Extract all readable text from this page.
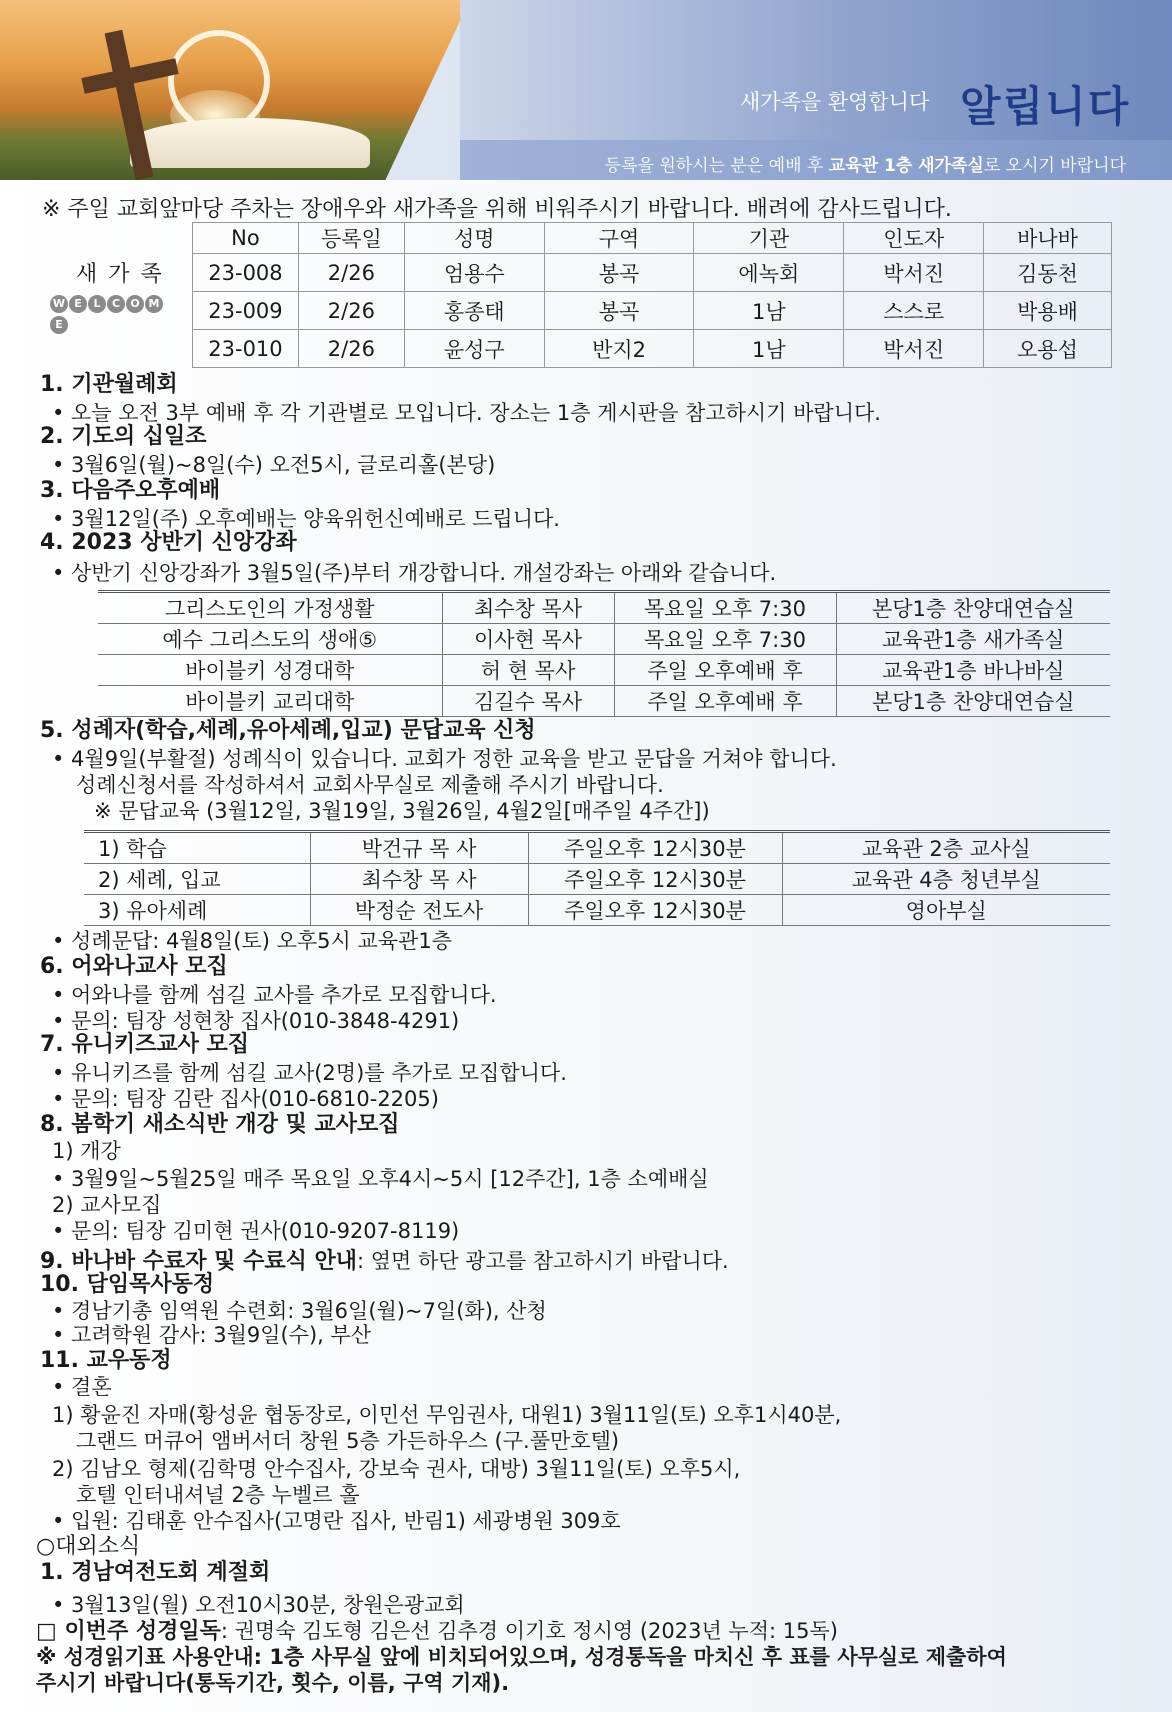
새가족을 환영합니다 알립니다
등록을 원하시는 분은 예배 후 교육관 1층 새가족실로 오시기 바랍니다
※ 주일 교회앞마당 주차는 장애우와 새가족을 위해 비워주시기 바랍니다. 배려에 감사드립니다.
새 가 족
W E L C O ME
No	등록일	성명	구역	기관	인도자	바나바
23-008	2/26	엄용수	봉곡	에녹회	박서진	김동천
23-009	2/26	홍종태	봉곡	1남	스스로	박용배
23-010	2/26	윤성구	반지2	1남	박서진	오용섭
1. 기관월례회
• 오늘 오전 3부 예배 후 각 기관별로 모입니다. 장소는 1층 게시판을 참고하시기 바랍니다.
2. 기도의 십일조
• 3월6일(월)~8일(수) 오전5시, 글로리홀(본당)
3. 다음주오후예배
• 3월12일(주) 오후예배는 양육위헌신예배로 드립니다.
4. 2023 상반기 신앙강좌
• 상반기 신앙강좌가 3월5일(주)부터 개강합니다. 개설강좌는 아래와 같습니다.
그리스도인의 가정생활	최수창 목사	목요일 오후 7:30	본당1층 찬양대연습실
예수 그리스도의 생애⑤	이사현 목사	목요일 오후 7:30	교육관1층 새가족실
바이블키 성경대학	허 현 목사	주일 오후예배 후	교육관1층 바나바실
바이블키 교리대학	김길수 목사	주일 오후예배 후	본당1층 찬양대연습실
5. 성례자(학습,세례,유아세례,입교) 문답교육 신청
• 4월9일(부활절) 성례식이 있습니다. 교회가 정한 교육을 받고 문답을 거쳐야 합니다.
성례신청서를 작성하셔서 교회사무실로 제출해 주시기 바랍니다.
※ 문답교육 (3월12일, 3월19일, 3월26일, 4월2일[매주일 4주간])
1) 학습	박건규 목 사	주일오후 12시30분	교육관 2층 교사실
2) 세례, 입교	최수창 목 사	주일오후 12시30분	교육관 4층 청년부실
3) 유아세례	박정순 전도사	주일오후 12시30분	영아부실
• 성례문답: 4월8일(토) 오후5시 교육관1층
6. 어와나교사 모집
• 어와나를 함께 섬길 교사를 추가로 모집합니다.
• 문의: 팀장 성현창 집사(010-3848-4291)
7. 유니키즈교사 모집
• 유니키즈를 함께 섬길 교사(2명)를 추가로 모집합니다.
• 문의: 팀장 김란 집사(010-6810-2205)
8. 봄학기 새소식반 개강 및 교사모집
1) 개강
• 3월9일~5월25일 매주 목요일 오후4시~5시 [12주간], 1층 소예배실
2) 교사모집
• 문의: 팀장 김미현 권사(010-9207-8119)
9. 바나바 수료자 및 수료식 안내: 옆면 하단 광고를 참고하시기 바랍니다.
10. 담임목사동정
• 경남기총 임역원 수련회: 3월6일(월)~7일(화), 산청
• 고려학원 감사: 3월9일(수), 부산
11. 교우동정
• 결혼
1) 황윤진 자매(황성윤 협동장로, 이민선 무임권사, 대원1) 3월11일(토) 오후1시40분,
그랜드 머큐어 앰버서더 창원 5층 가든하우스 (구.풀만호텔)
2) 김남오 형제(김학명 안수집사, 강보숙 권사, 대방) 3월11일(토) 오후5시,
호텔 인터내셔널 2층 누벨르 홀
• 입원: 김태훈 안수집사(고명란 집사, 반림1) 세광병원 309호
○대외소식
1. 경남여전도회 계절회
• 3월13일(월) 오전10시30분, 창원은광교회
□ 이번주 성경일독: 권명숙 김도형 김은선 김추경 이기호 정시영 (2023년 누적: 15독)
※ 성경읽기표 사용안내: 1층 사무실 앞에 비치되어있으며, 성경통독을 마치신 후 표를 사무실로 제출하여
주시기 바랍니다(통독기간, 횟수, 이름, 구역 기재).
